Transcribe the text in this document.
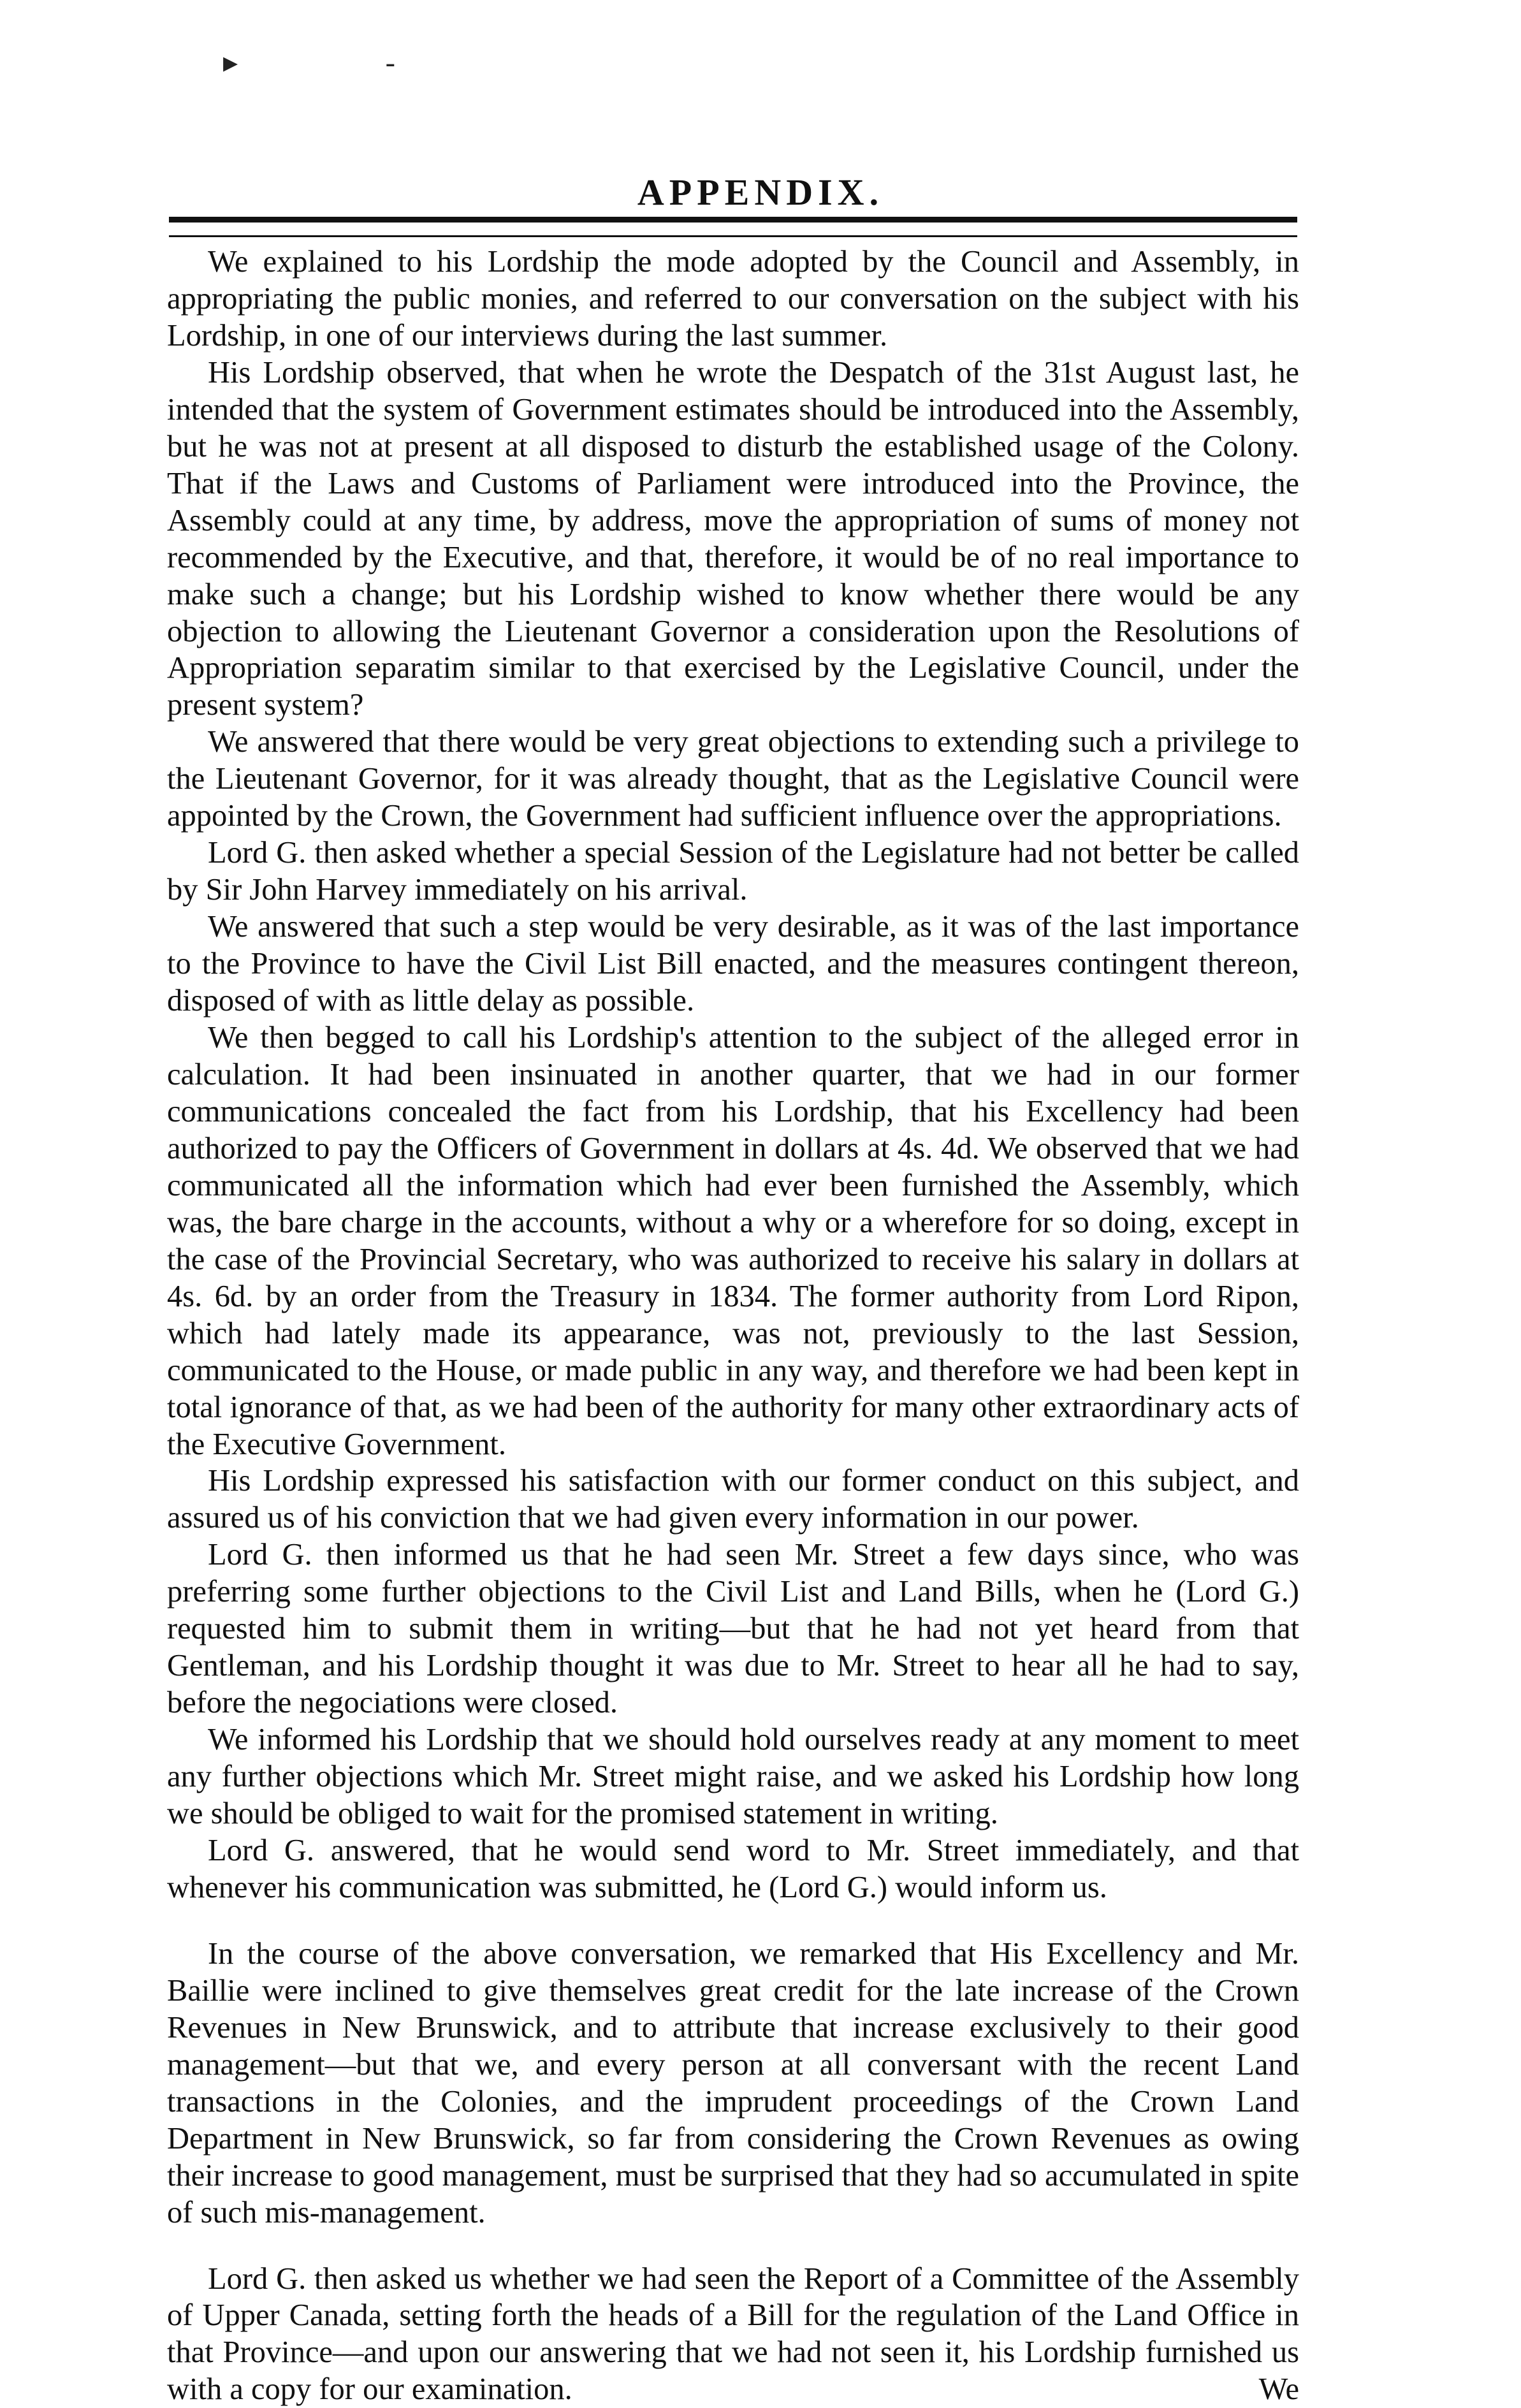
▸ -
APPENDIX.

We explained to his Lordship the mode adopted by the Council and Assembly, in appropriating the public monies, and referred to our conversation on the subject with his Lordship, in one of our interviews during the last summer.

His Lordship observed, that when he wrote the Despatch of the 31st August last, he intended that the system of Government estimates should be introduced into the Assembly, but he was not at present at all disposed to disturb the established usage of the Colony. That if the Laws and Customs of Parliament were introduced into the Province, the Assembly could at any time, by address, move the appropriation of sums of money not recommended by the Executive, and that, therefore, it would be of no real importance to make such a change; but his Lordship wished to know whether there would be any objection to allowing the Lieutenant Governor a consideration upon the Resolutions of Appropriation separatim similar to that exercised by the Legislative Council, under the present system?

We answered that there would be very great objections to extending such a privilege to the Lieutenant Governor, for it was already thought, that as the Legislative Council were appointed by the Crown, the Government had sufficient influence over the appropriations.

Lord G. then asked whether a special Session of the Legislature had not better be called by Sir John Harvey immediately on his arrival.

We answered that such a step would be very desirable, as it was of the last importance to the Province to have the Civil List Bill enacted, and the measures contingent thereon, disposed of with as little delay as possible.

We then begged to call his Lordship's attention to the subject of the alleged error in calculation. It had been insinuated in another quarter, that we had in our former communications concealed the fact from his Lordship, that his Excellency had been authorized to pay the Officers of Government in dollars at 4s. 4d. We observed that we had communicated all the information which had ever been furnished the Assembly, which was, the bare charge in the accounts, without a why or a wherefore for so doing, except in the case of the Provincial Secretary, who was authorized to receive his salary in dollars at 4s. 6d. by an order from the Treasury in 1834. The former authority from Lord Ripon, which had lately made its appearance, was not, previously to the last Session, communicated to the House, or made public in any way, and therefore we had been kept in total ignorance of that, as we had been of the authority for many other extraordinary acts of the Executive Government.

His Lordship expressed his satisfaction with our former conduct on this subject, and assured us of his conviction that we had given every information in our power.

Lord G. then informed us that he had seen Mr. Street a few days since, who was preferring some further objections to the Civil List and Land Bills, when he (Lord G.) requested him to submit them in writing—but that he had not yet heard from that Gentleman, and his Lordship thought it was due to Mr. Street to hear all he had to say, before the negociations were closed.

We informed his Lordship that we should hold ourselves ready at any moment to meet any further objections which Mr. Street might raise, and we asked his Lordship how long we should be obliged to wait for the promised statement in writing.

Lord G. answered, that he would send word to Mr. Street immediately, and that whenever his communication was submitted, he (Lord G.) would inform us.

In the course of the above conversation, we remarked that His Excellency and Mr. Baillie were inclined to give themselves great credit for the late increase of the Crown Revenues in New Brunswick, and to attribute that increase exclusively to their good management—but that we, and every person at all conversant with the recent Land transactions in the Colonies, and the imprudent proceedings of the Crown Land Department in New Brunswick, so far from considering the Crown Revenues as owing their increase to good management, must be surprised that they had so accumulated in spite of such mis-management.

Lord G. then asked us whether we had seen the Report of a Committee of the Assembly of Upper Canada, setting forth the heads of a Bill for the regulation of the Land Office in that Province—and upon our answering that we had not seen it, his Lordship furnished us with a copy for our examination.	We
